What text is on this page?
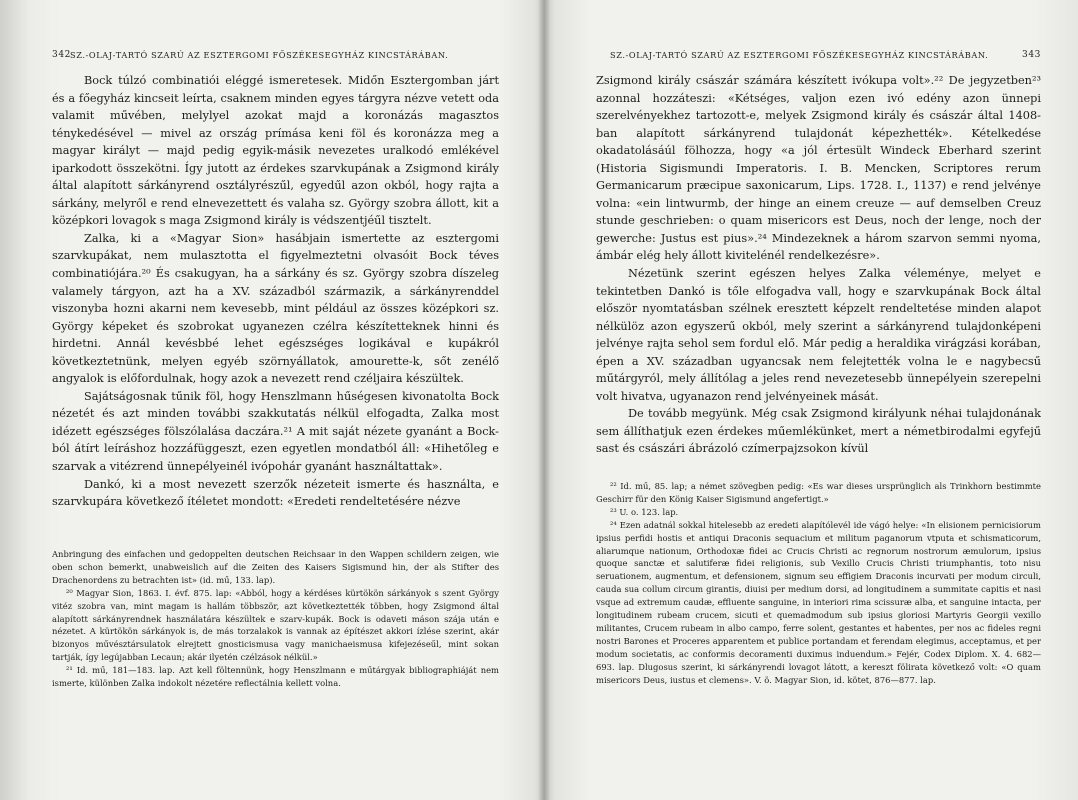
342 SZ.-OLAJ-TARTÓ SZARÚ AZ ESZTERGOMI FŐSZÉKESEGYHÁZ KINCSTÁRÁBAN.

Bock túlzó combinatiói eléggé ismeretesek. Midőn Esztergomban járt és a főegyház kincseit leírta, csaknem minden egyes tárgyra nézve vetett oda valamit művében, melylyel azokat majd a koronázás magasztos ténykedésével — mivel az ország prímása keni föl és koronázza meg a magyar királyt — majd pedig egyik-másik nevezetes uralkodó emlékével iparkodott összekötni. Így jutott az érdekes szarvkupának a Zsigmond király által alapított sárkányrend osztályrészűl, egyedűl azon okból, hogy rajta a sárkány, melyről e rend elnevezettett és valaha sz. György szobra állott, kit a középkori lovagok s maga Zsigmond király is védszentjéűl tisztelt.

Zalka, ki a «Magyar Sion» hasábjain ismertette az esztergomi szarvkupákat, nem mulasztotta el figyelmeztetni olvasóit Bock téves combinatiójára.²⁰ És csakugyan, ha a sárkány és sz. György szobra díszeleg valamely tárgyon, azt ha a XV. századból származik, a sárkányrenddel viszonyba hozni akarni nem kevesebb, mint például az összes középkori sz. György képeket és szobrokat ugyanezen czélra készítetteknek hinni és hirdetni. Annál kevésbbé lehet egészséges logikával e kupákról következtetnünk, melyen egyéb szörnyállatok, amourette-k, sőt zenélő angyalok is előfordulnak, hogy azok a nevezett rend czéljaira készültek.

Sajátságosnak tűnik föl, hogy Henszlmann hűségesen kivonatolta Bock nézetét és azt minden további szakkutatás nélkül elfogadta, Zalka most idézett egészséges fölszólalása daczára.²¹ A mit saját nézete gyanánt a Bock-ból átírt leíráshoz hozzáfüggeszt, ezen egyetlen mondatból áll: «Hihetőleg e szarvak a vitézrend ünnepélyeinél ivópohár gyanánt használtattak».

Dankó, ki a most nevezett szerzők nézeteit ismerte és használta, e szarvkupára következő ítéletet mondott: «Eredeti rendeltetésére nézve

Anbringung des einfachen und gedoppelten deutschen Reichsaar in den Wappen schildern zeigen, wie oben schon bemerkt, unabweislich auf die Zeiten des Kaisers Sigismund hin, der als Stifter des Drachenordens zu betrachten ist» (id. mű, 133. lap).

²⁰ Magyar Sion, 1863. I. évf. 875. lap: «Abból, hogy a kérdéses kürtökön sárkányok s szent György vitéz szobra van, mint magam is hallám többször, azt következtették többen, hogy Zsigmond által alapított sárkányrendnek használatára készültek e szarv-kupák. Bock is odaveti máson szája után e nézetet. A kürtökön sárkányok is, de más torzalakok is vannak az építészet akkori ízlése szerint, akár bizonyos művésztársulatok elrejtett gnosticismusa vagy manichaeismusa kifejezéseűl, mint sokan tartják, így legújabban Lecaun; akár ilyetén czélzások nélkül.»

²¹ Id. mű, 181—183. lap. Azt kell föltennünk, hogy Henszlmann e műtárgyak bibliographiáját nem ismerte, különben Zalka indokolt nézetére reflectálnia kellett volna.

SZ.-OLAJ-TARTÓ SZARÚ AZ ESZTERGOMI FŐSZÉKESEGYHÁZ KINCSTÁRÁBAN.	343

Zsigmond király császár számára készített ivókupa volt».²² De jegyzetben²³ azonnal hozzáteszi: «Kétséges, valjon ezen ivó edény azon ünnepi szerelvényekhez tartozott-e, melyek Zsigmond király és császár által 1408-ban alapított sárkányrend tulajdonát képezhették». Kételkedése okadatolásáúl fölhozza, hogy «a jól értesült Windeck Eberhard szerint (Historia Sigismundi Imperatoris. I. B. Mencken, Scriptores rerum Germanicarum præcipue saxonicarum, Lips. 1728. I., 1137) e rend jelvénye volna: «ein lintwurmb, der hinge an einem creuze — auf demselben Creuz stunde geschrieben: o quam misericors est Deus, noch der lenge, noch der gewerche: Justus est pius».²⁴ Mindezeknek a három szarvon semmi nyoma, ámbár elég hely állott kivitelénél rendelkezésre».

Nézetünk szerint egészen helyes Zalka véleménye, melyet e tekintetben Dankó is tőle elfogadva vall, hogy e szarvkupának Bock által először nyomtatásban szélnek eresztett képzelt rendeltetése minden alapot nélkülöz azon egyszerű okból, mely szerint a sárkányrend tulajdonképeni jelvénye rajta sehol sem fordul elő. Már pedig a heraldika virágzási korában, épen a XV. században ugyancsak nem felejtették volna le e nagybecsű műtárgyról, mely állítólag a jeles rend nevezetesebb ünnepélyein szerepelni volt hivatva, ugyanazon rend jelvényeinek mását.

De tovább megyünk. Még csak Zsigmond királyunk néhai tulajdonának sem állíthatjuk ezen érdekes műemlékünket, mert a németbirodalmi egyfejű sast és császári ábrázoló czímerpajzsokon kívül

²² Id. mű, 85. lap; a német szövegben pedig: «Es war dieses ursprünglich als Trinkhorn bestimmte Geschirr für den König Kaiser Sigismund angefertigt.»

²³ U. o. 123. lap.

²⁴ Ezen adatnál sokkal hitelesebb az eredeti alapítólevél ide vágó helye: «In elisionem pernicisiorum ipsius perfidi hostis et antiqui Draconis sequacium et militum paganorum vtputa et schismaticorum, aliarumque nationum, Orthodoxæ fidei ac Crucis Christi ac regnorum nostrorum æmulorum, ipsius quoque sanctæ et salutiferæ fidei religionis, sub Vexillo Crucis Christi triumphantis, toto nisu seruationem, augmentum, et defensionem, signum seu effigiem Draconis incurvati per modum circuli, cauda sua collum circum girantis, diuisi per medium dorsi, ad longitudinem a summitate capitis et nasi vsque ad extremum caudæ, effluente sanguine, in interiori rima scissuræ alba, et sanguine intacta, per longitudinem rubeam crucem, sicuti et quemadmodum sub ipsius gloriosi Martyris Georgii vexillo militantes, Crucem rubeam in albo campo, ferre solent, gestantes et habentes, per nos ac fideles regni nostri Barones et Proceres apparentem et publice portandam et ferendam elegimus, acceptamus, et per modum societatis, ac conformis decoramenti duximus induendum.» Fejér, Codex Diplom. X. 4. 682—693. lap. Dlugosus szerint, ki sárkányrendi lovagot látott, a kereszt fölirata következő volt: «O quam misericors Deus, iustus et clemens». V. ö. Magyar Sion, id. kötet, 876—877. lap.
